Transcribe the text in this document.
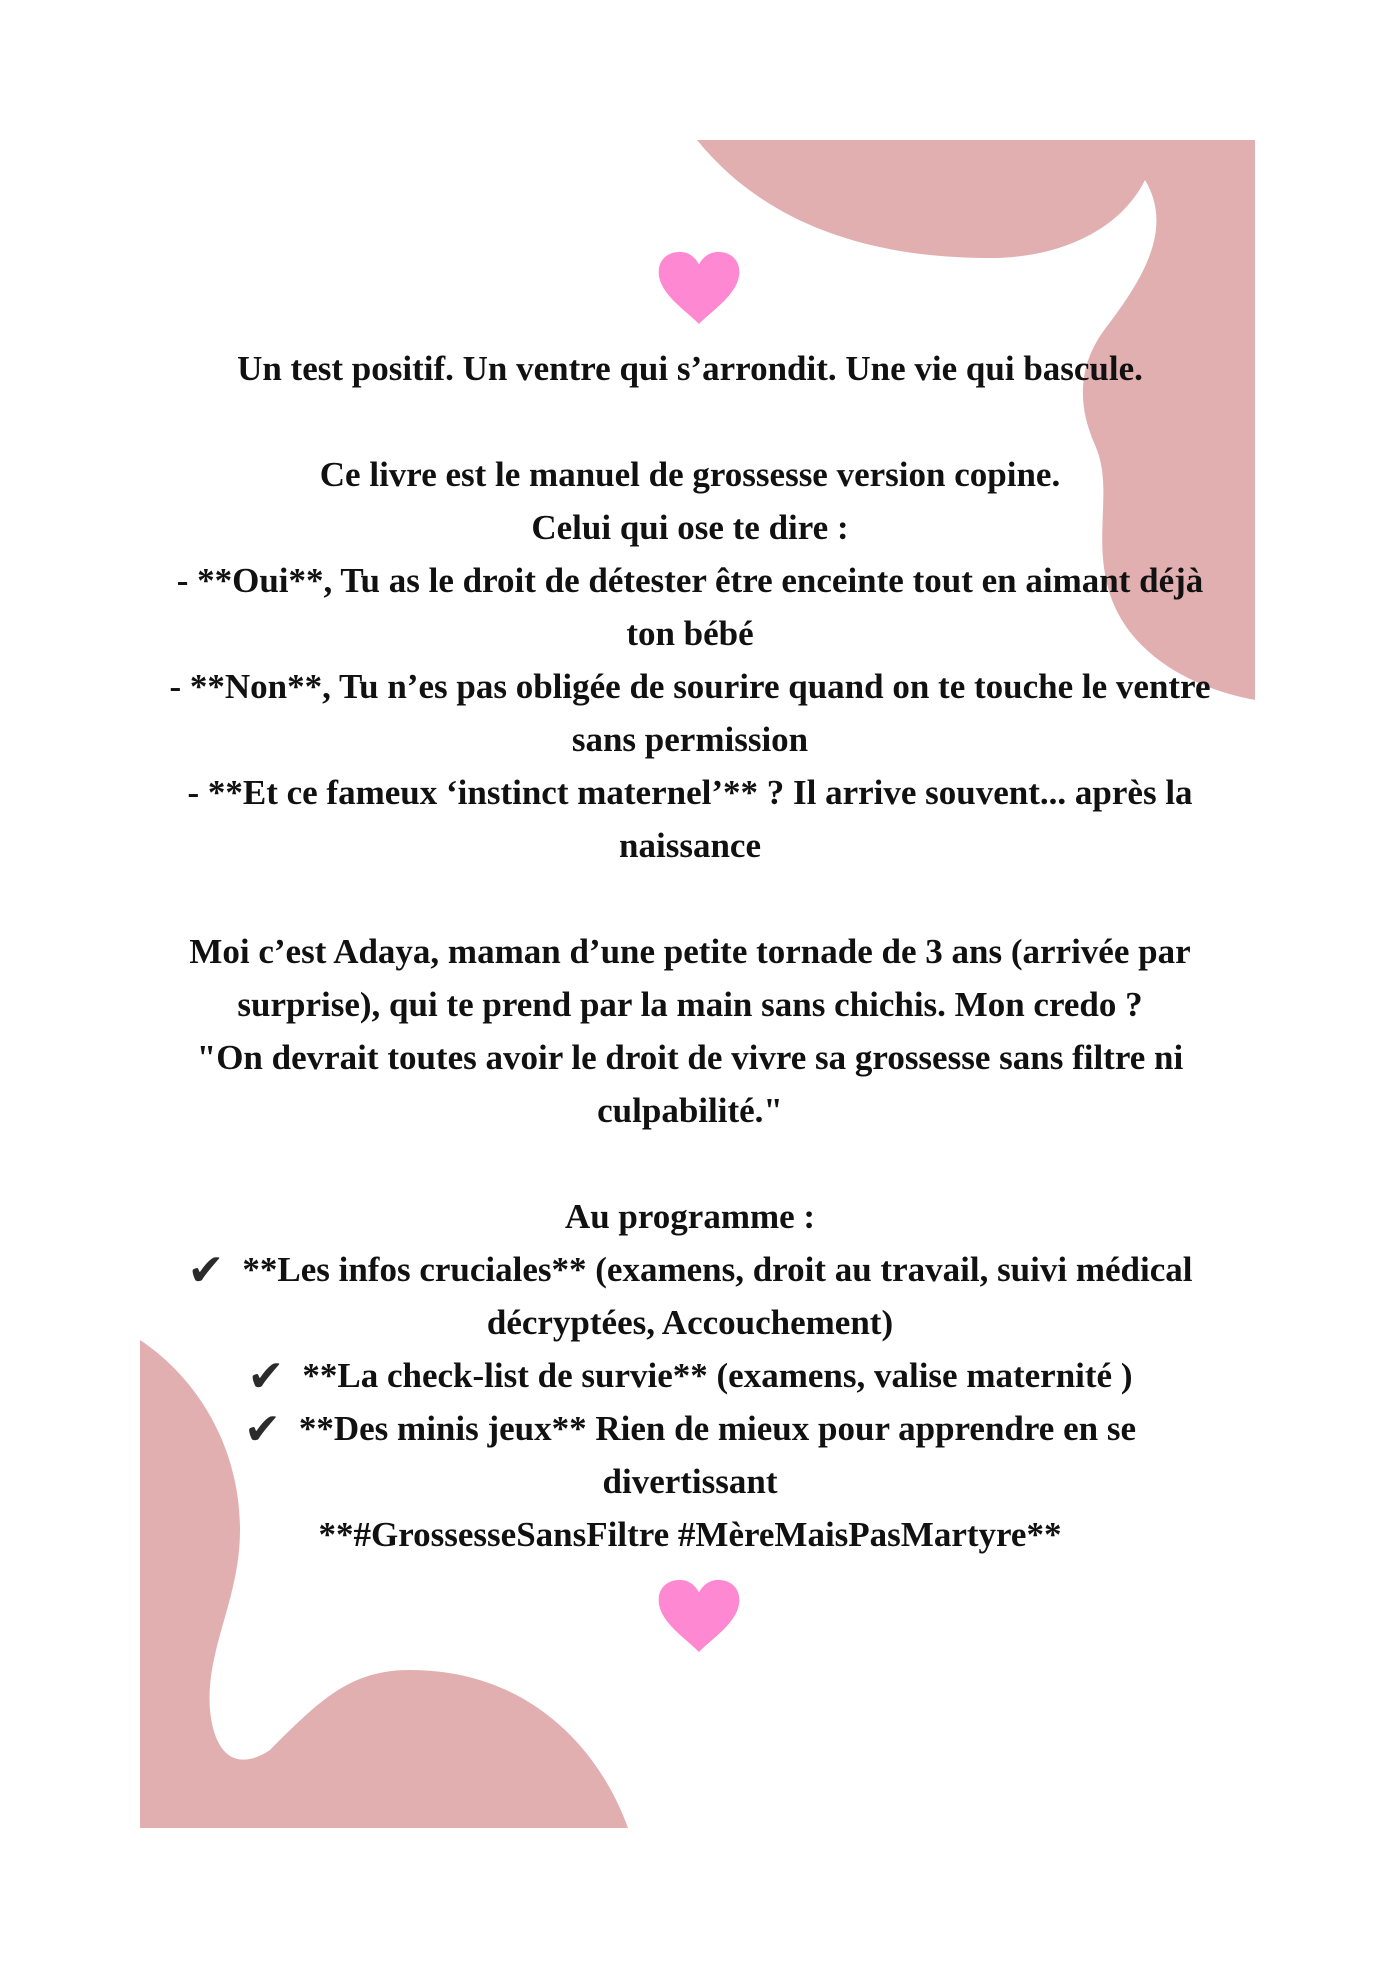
Un test positif. Un ventre qui s’arrondit. Une vie qui bascule.

Ce livre est le manuel de grossesse version copine.

Celui qui ose te dire :

- **Oui**, Tu as le droit de détester être enceinte tout en aimant déjà

ton bébé

- **Non**, Tu n’es pas obligée de sourire quand on te touche le ventre

sans permission

- **Et ce fameux ‘instinct maternel’** ? Il arrive souvent... après la

naissance

Moi c’est Adaya, maman d’une petite tornade de 3 ans (arrivée par

surprise), qui te prend par la main sans chichis. Mon credo ?

"On devrait toutes avoir le droit de vivre sa grossesse sans filtre ni

culpabilité."

Au programme :

✔ **Les infos cruciales** (examens, droit au travail, suivi médical

décryptées, Accouchement)

✔ **La check-list de survie** (examens, valise maternité )

✔ **Des minis jeux** Rien de mieux pour apprendre en se

divertissant

**#GrossesseSansFiltre #MèreMaisPasMartyre**
